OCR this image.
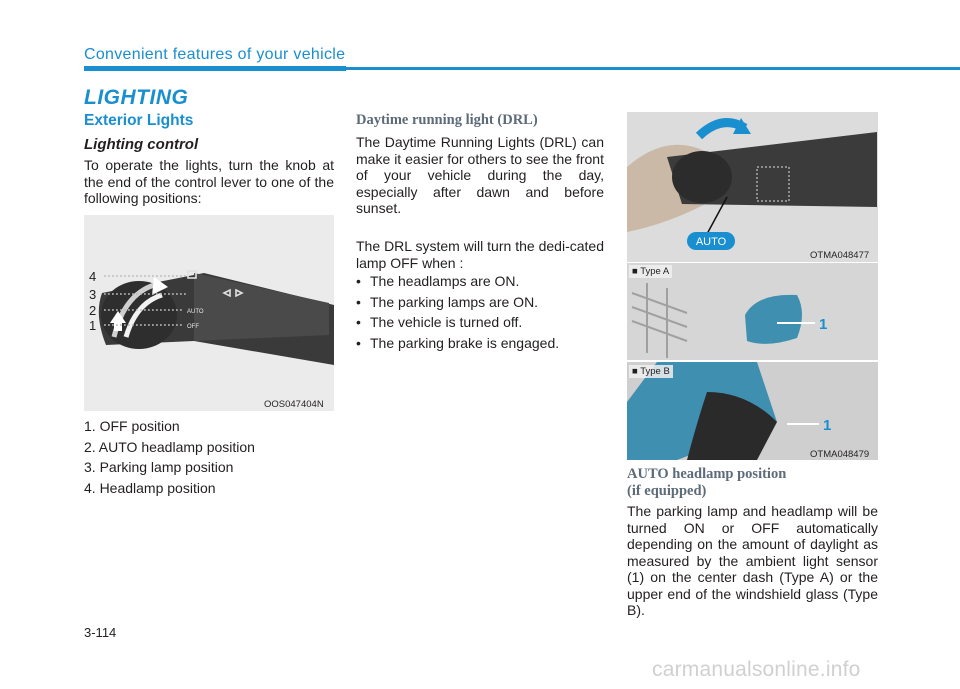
Convenient features of your vehicle
LIGHTING
Exterior Lights
Lighting control

To operate the lights, turn the knob at the end of the control lever to one of the following positions:

AUTO
OFF
4
3
2
1
OOS047404N
1. OFF position
2. AUTO headlamp position
3. Parking lamp position
4. Headlamp position
Daytime running light (DRL)

The Daytime Running Lights (DRL) can make it easier for others to see the front of your vehicle during the day, especially after dawn and before sunset.

The DRL system will turn the dedi-cated lamp OFF when :

• The headlamps are ON.
• The parking lamps are ON.
• The vehicle is turned off.
• The parking brake is engaged.
AUTO
OTMA048477
1
■ Type A
1
OTMA048479
■ Type B
AUTO headlamp position
(if equipped)

The parking lamp and headlamp will be turned ON or OFF automatically depending on the amount of daylight as measured by the ambient light sensor (1) on the center dash (Type A) or the upper end of the windshield glass (Type B).

3-114
carmanualsonline.info
